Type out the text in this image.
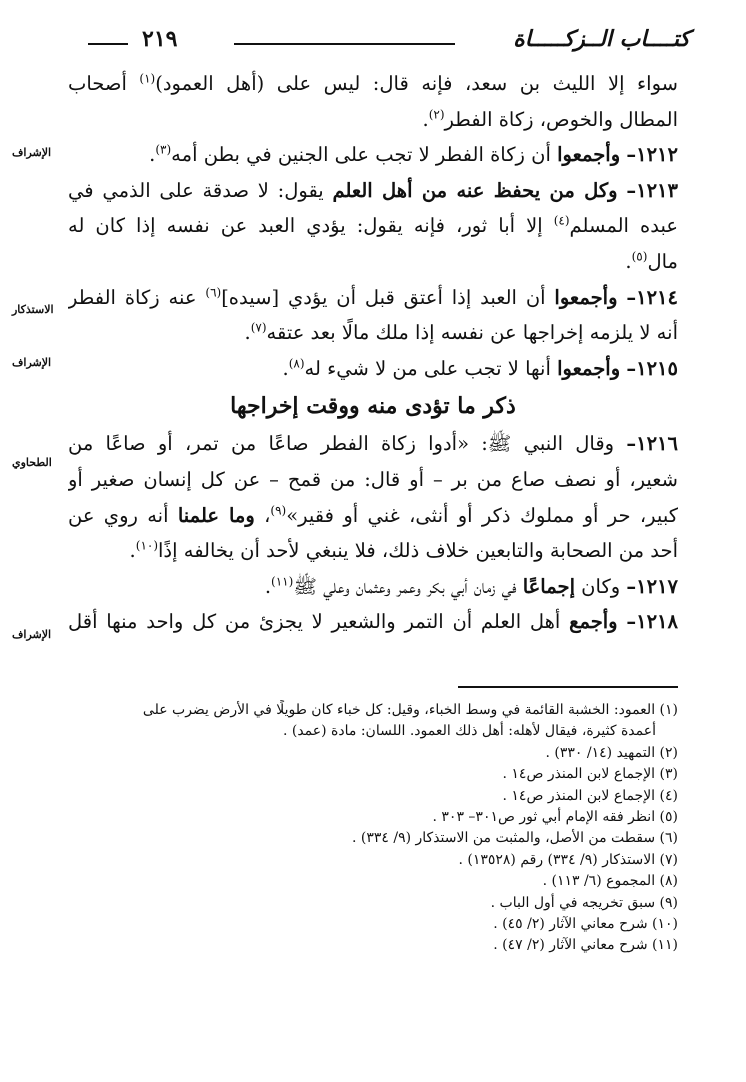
كتــــاب الــزكـــــاة
٢١٩
الإشراف
الاستذكار
الإشراف
الطحاوي
الإشراف
سواء إلا الليث بن سعد، فإنه قال: ليس على (أهل العمود)$^{(١)}$ أصحاب
المطال والخوص، زكاة الفطر$^{(٢)}$.
١٢١٢– وأجمعوا أن زكاة الفطر لا تجب على الجنين في بطن أمه$^{(٣)}$.
١٢١٣– وكل من يحفظ عنه من أهل العلم يقول: لا صدقة على الذمي في
عبده المسلم$^{(٤)}$ إلا أبا ثور، فإنه يقول: يؤدي العبد عن نفسه إذا كان له
مال$^{(٥)}$.
١٢١٤– وأجمعوا أن العبد إذا أعتق قبل أن يؤدي [سيده]$^{(٦)}$ عنه زكاة الفطر
أنه لا يلزمه إخراجها عن نفسه إذا ملك مالًا بعد عتقه$^{(٧)}$.
١٢١٥– وأجمعوا أنها لا تجب على من لا شيء له$^{(٨)}$.
ذكر ما تؤدى منه ووقت إخراجها
١٢١٦– وقال النبي ﷺ: «أدوا زكاة الفطر صاعًا من تمر، أو صاعًا من
شعير، أو نصف صاع من بر – أو قال: من قمح – عن كل إنسان صغير أو
كبير، حر أو مملوك ذكر أو أنثى، غني أو فقير»$^{(٩)}$، وما علمنا أنه روي عن
أحد من الصحابة والتابعين خلاف ذلك، فلا ينبغي لأحد أن يخالفه إذًا$^{(١٠)}$.
١٢١٧– وكان إجماعًا في زمان أبي بكر وعمر وعثمان وعلي ﷺ$^{(١١)}$.
١٢١٨– وأجمع أهل العلم أن التمر والشعير لا يجزئ من كل واحد منها أقل
(١) العمود: الخشبة القائمة في وسط الخباء، وقيل: كل خباء كان طويلًا في الأرض يضرب على
أعمدة كثيرة، فيقال لأهله: أهل ذلك العمود. اللسان: مادة (عمد) .
(٢) التمهيد (١٤/ ٣٣٠) .
(٣) الإجماع لابن المنذر ص١٤ .
(٤) الإجماع لابن المنذر ص١٤ .
(٥) انظر فقه الإمام أبي ثور ص٣٠١– ٣٠٣ .
(٦) سقطت من الأصل، والمثبت من الاستذكار (٩/ ٣٣٤) .
(٧) الاستذكار (٩/ ٣٣٤) رقم (١٣٥٢٨) .
(٨) المجموع (٦/ ١١٣) .
(٩) سبق تخريجه في أول الباب .
(١٠) شرح معاني الآثار (٢/ ٤٥) .
(١١) شرح معاني الآثار (٢/ ٤٧) .
